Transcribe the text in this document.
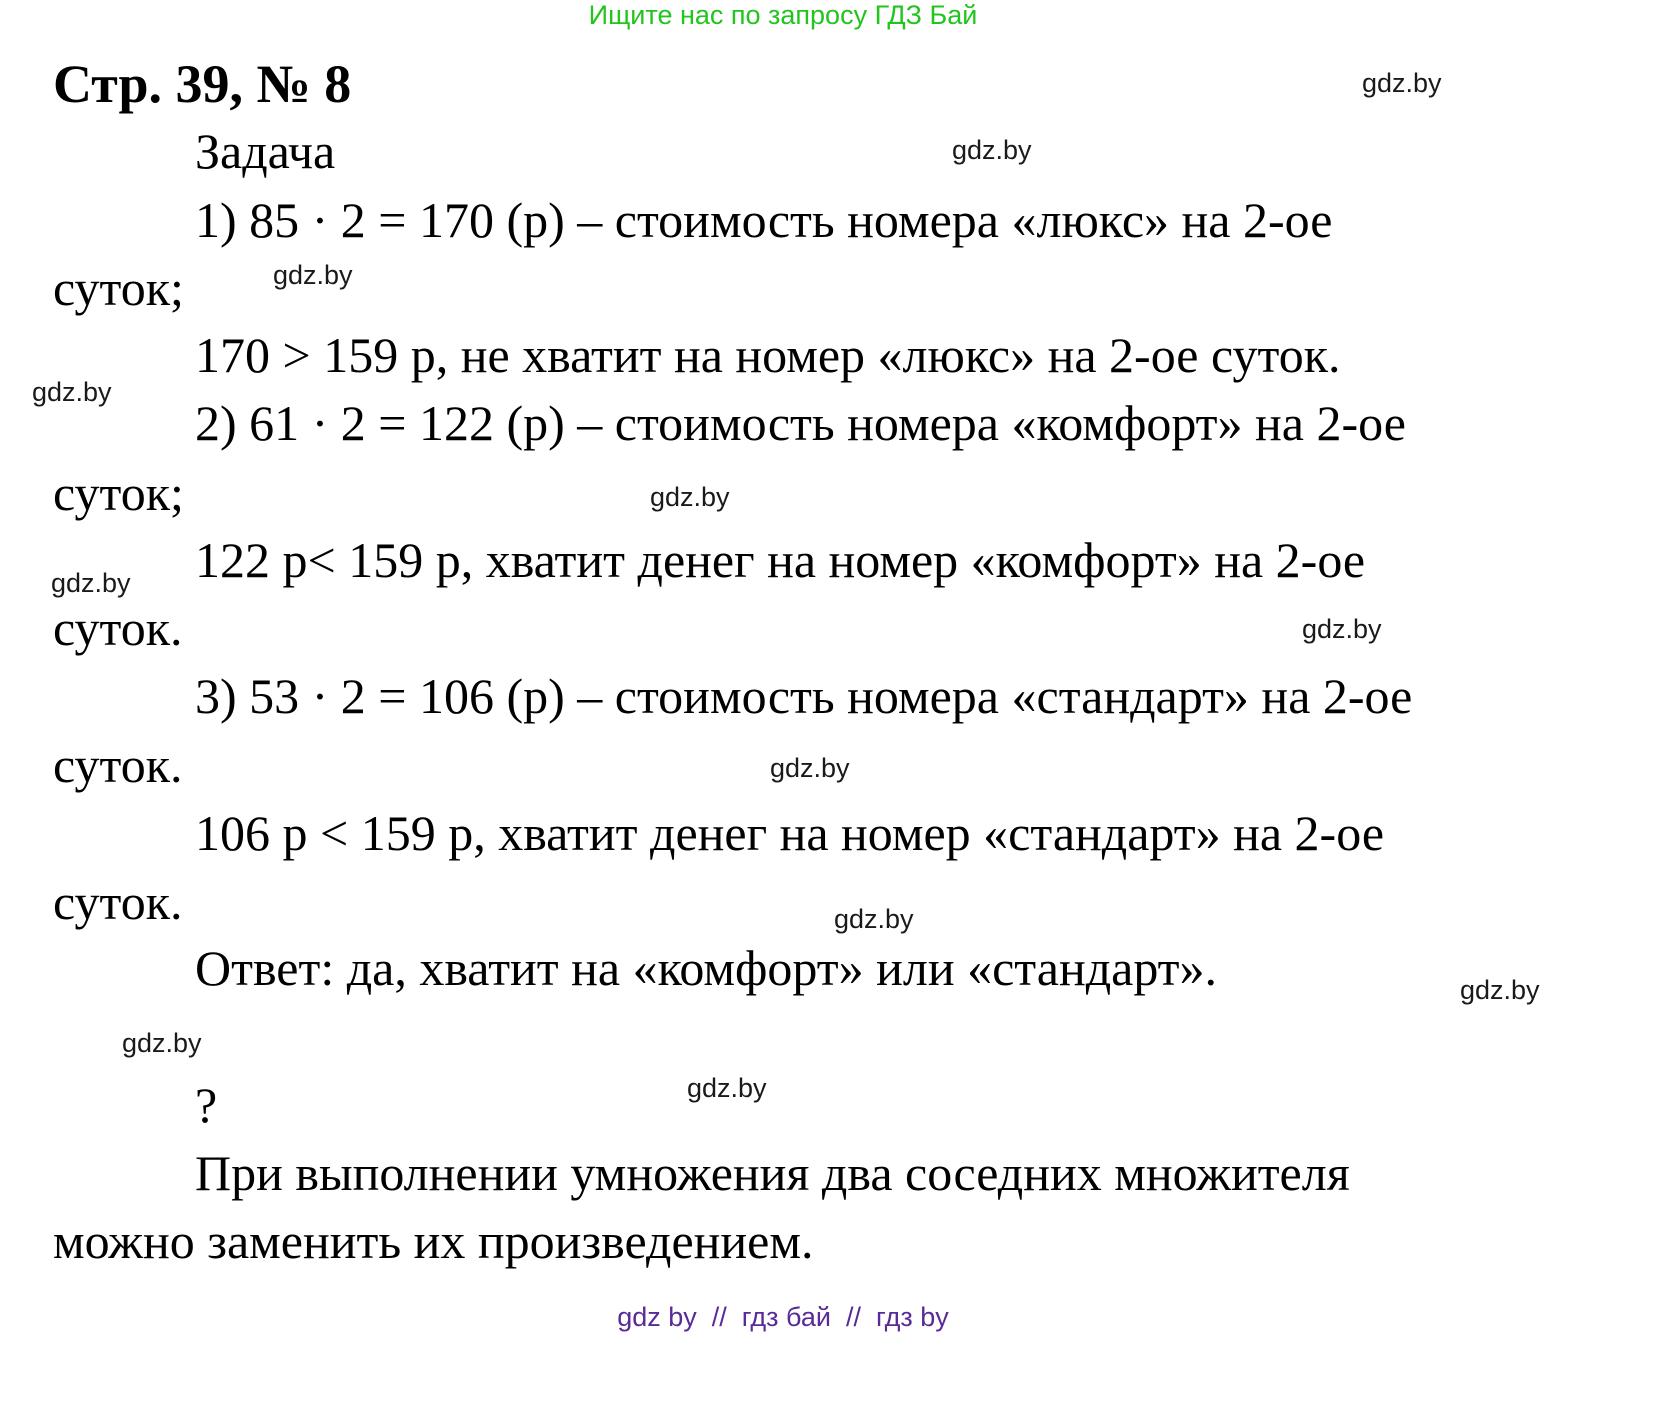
Ищите нас по запросу ГДЗ Бай
Стр. 39, № 8
Задача
1) 85 · 2 = 170 (р) – стоимость номера «люкс» на 2-ое
суток;
170 > 159 р, не хватит на номер «люкс» на 2-ое суток.
2) 61 · 2 = 122 (р) – стоимость номера «комфорт» на 2-ое
суток;
122 р< 159 р, хватит денег на номер «комфорт» на 2-ое
суток.
3) 53 · 2 = 106 (р) – стоимость номера «стандарт» на 2-ое
суток.
106 р < 159 р, хватит денег на номер «стандарт» на 2-ое
суток.
Ответ: да, хватит на «комфорт» или «стандарт».
?
При выполнении умножения два соседних множителя
можно заменить их произведением.
gdz.by
gdz.by
gdz.by
gdz.by
gdz.by
gdz.by
gdz.by
gdz.by
gdz.by
gdz.by
gdz.by
gdz.by
gdz by  //  гдз бай  //  гдз by
